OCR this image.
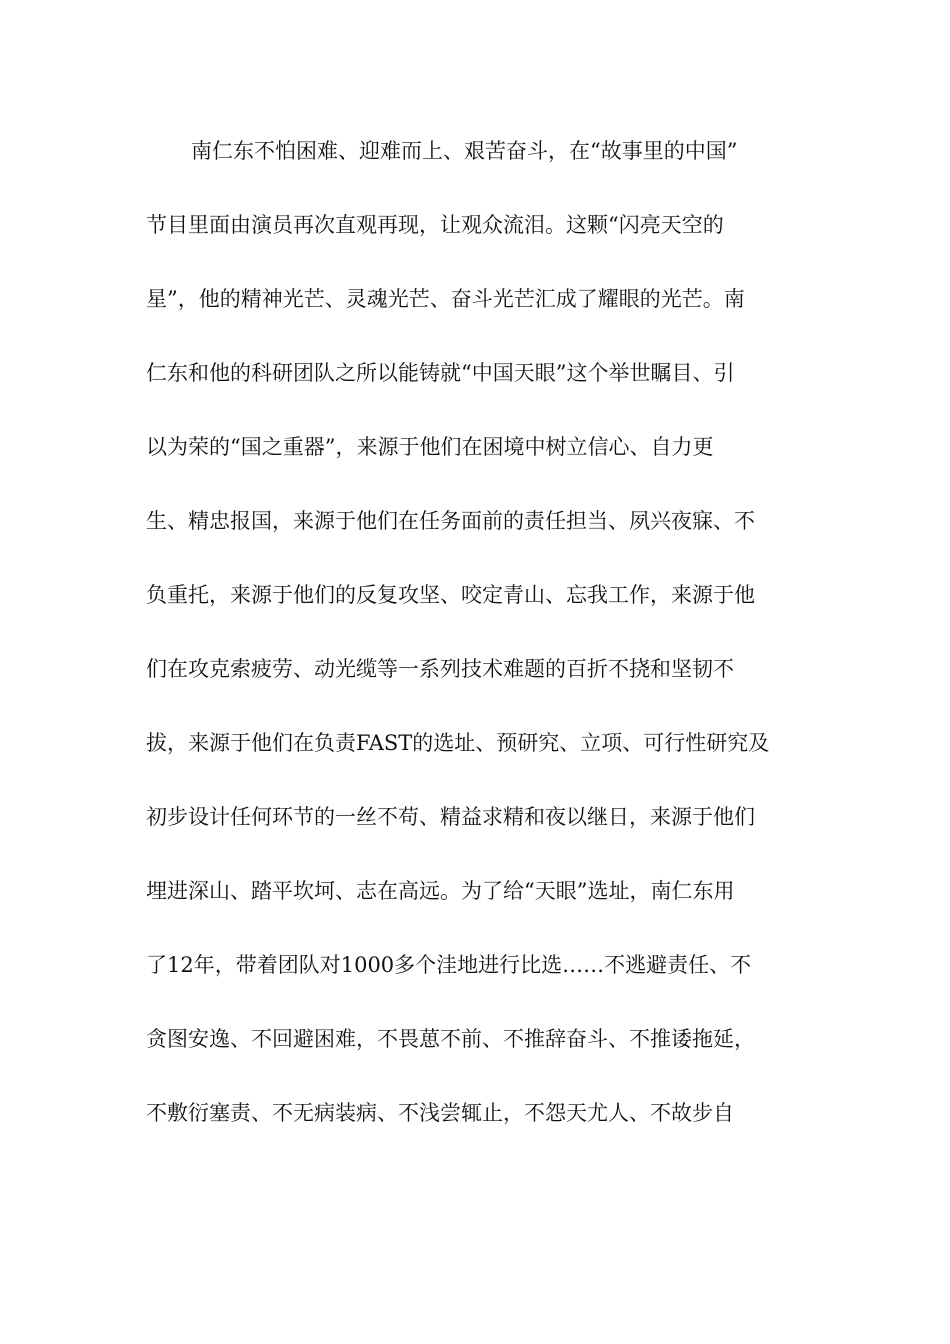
南仁东不怕困难、迎难而上、艰苦奋斗，在“故事里的中国”
节目里面由演员再次直观再现，让观众流泪。这颗“闪亮天空的
星”，他的精神光芒、灵魂光芒、奋斗光芒汇成了耀眼的光芒。南
仁东和他的科研团队之所以能铸就“中国天眼”这个举世瞩目、引
以为荣的“国之重器”，来源于他们在困境中树立信心、自力更
生、精忠报国，来源于他们在任务面前的责任担当、夙兴夜寐、不
负重托，来源于他们的反复攻坚、咬定青山、忘我工作，来源于他
们在攻克索疲劳、动光缆等一系列技术难题的百折不挠和坚韧不
拔，来源于他们在负责FAST的选址、预研究、立项、可行性研究及
初步设计任何环节的一丝不苟、精益求精和夜以继日，来源于他们
埋进深山、踏平坎坷、志在高远。为了给“天眼”选址，南仁东用
了12年，带着团队对1000多个洼地进行比选……不逃避责任、不
贪图安逸、不回避困难，不畏葸不前、不推辞奋斗、不推诿拖延，
不敷衍塞责、不无病装病、不浅尝辄止，不怨天尤人、不故步自
